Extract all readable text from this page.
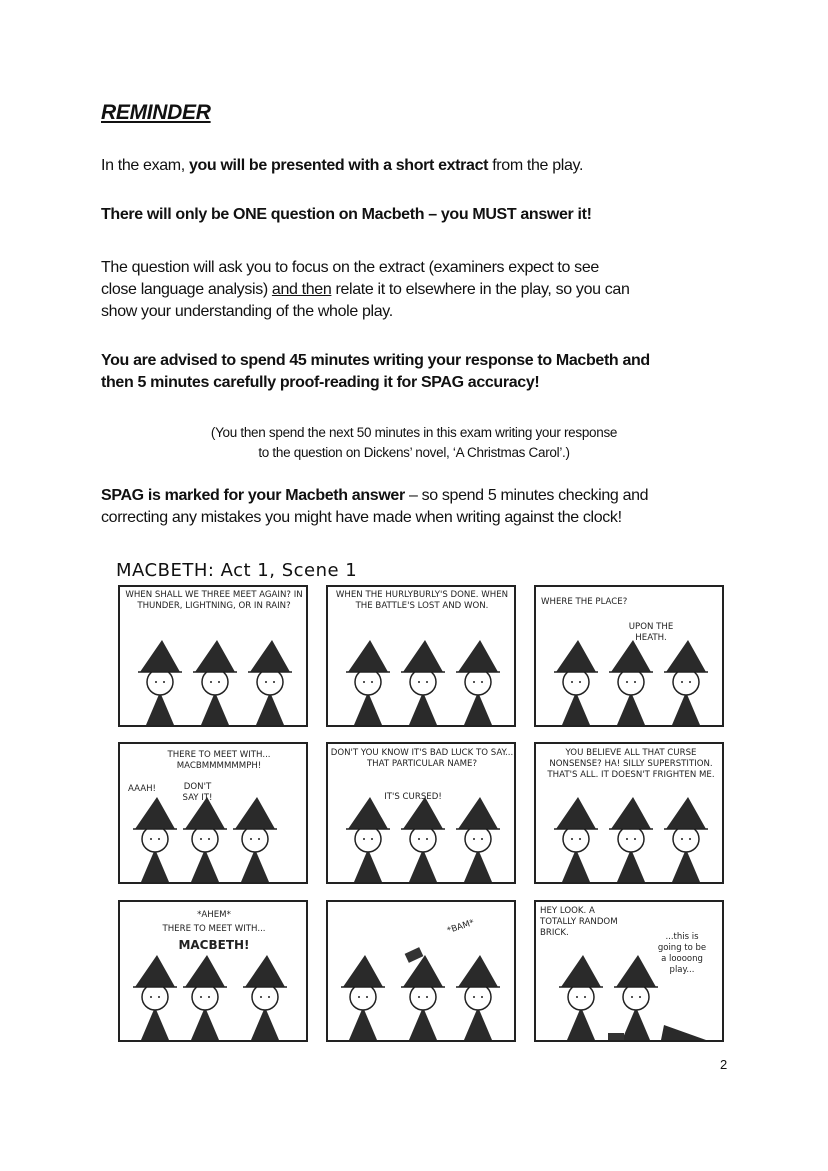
REMINDER

In the exam, you will be presented with a short extract from the play.

There will only be ONE question on Macbeth – you MUST answer it!

The question will ask you to focus on the extract (examiners expect to see
close language analysis) and then relate it to elsewhere in the play, so you can
show your understanding of the whole play.

You are advised to spend 45 minutes writing your response to Macbeth and
then 5 minutes carefully proof-reading it for SPAG accuracy!

(You then spend the next 50 minutes in this exam writing your response
to the question on Dickens’ novel, ‘A Christmas Carol’.)

SPAG is marked for your Macbeth answer – so spend 5 minutes checking and
correcting any mistakes you might have made when writing against the clock!

MACBETH: Act 1, Scene 1
WHEN SHALL WE THREE MEET AGAIN? IN THUNDER, LIGHTNING, OR IN RAIN?
WHEN THE HURLYBURLY'S DONE. WHEN THE BATTLE'S LOST AND WON.	WHERE THE PLACE?
UPON THE HEATH.
THERE TO MEET WITH... MACBMMMMMMPH!
AAAH!	DON'T SAY IT!
DON'T YOU KNOW IT'S BAD LUCK TO SAY... THAT PARTICULAR NAME?
IT'S CURSED!
YOU BELIEVE ALL THAT CURSE NONSENSE? HA! SILLY SUPERSTITION. THAT'S ALL. IT DOESN'T FRIGHTEN ME.
*AHEM*
THERE TO MEET WITH...
MACBETH!
*BAM*
HEY LOOK. A TOTALLY RANDOM BRICK.	...this is going to be a loooong play...
2
